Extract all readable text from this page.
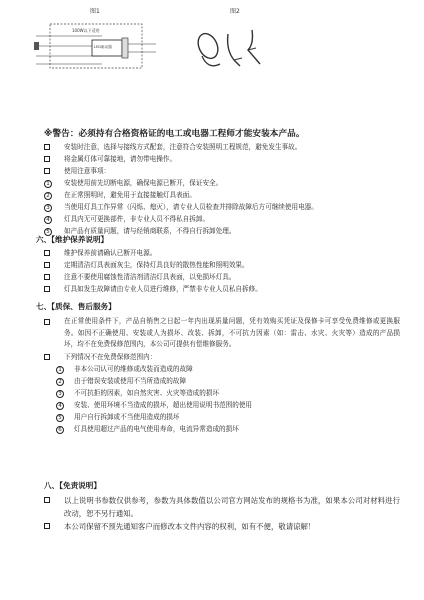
图1
100W以下适用
LED驱动器
图2
※警告：必须持有合格资格证的电工或电器工程师才能安装本产品。
安装时注意，选择与接线方式配套，注意符合安装照明工程规范，避免发生事故。
将金属灯体可靠接地，请勿带电操作。
使用注意事项：
1	安装使用前先切断电源，确保电源已断开，保证安全。
2	在正常照明时，避免用于直接接触灯具表面。
3	当使用灯具工作异常（闪烁、熄灭），请专业人员检查并排除故障后方可继续使用电器。
4	灯具内无可更换部件，非专业人员不得私自拆卸。
5	如产品有质量问题，请与经销商联系，不得自行拆卸处理。
六、【维护保养说明】
维护保养前请确认已断开电源。
定期清洁灯具表面灰尘，保持灯具良好的散热性能和照明效果。
注意不要使用腐蚀性清洁剂清洁灯具表面，以免损坏灯具。
灯具如发生故障请由专业人员进行维修，严禁非专业人员私自拆修。
七、【质保、售后服务】
在正常使用条件下，产品自销售之日起一年内出现质量问题，凭有效购买凭证及保修卡可享受免费维修或更换服务。如因不正确使用、安装或人为损坏、改装、拆卸，不可抗力因素（如：雷击、水灾、火灾等）造成的产品损坏，均不在免费保修范围内，本公司可提供有偿维修服务。
下列情况不在免费保修范围内：
1	非本公司认可的维修或改装而造成的故障
2	由于错误安装或使用不当所造成的故障
3	不可抗拒的因素，如自然灾害、火灾等造成的损坏
4	安装、使用环境不当造成的损坏，超出使用说明书范围的使用
5	用户自行拆卸或不当使用造成的损坏
6	灯具使用超过产品的电气使用寿命，电流异常造成的损坏
八、【免责说明】
以上说明书参数仅供参考，参数为具体数值以公司官方网站发布的规格书为准，如果本公司对材料进行改动，恕不另行通知。
本公司保留不预先通知客户而修改本文件内容的权利，如有不便，敬请谅解！
